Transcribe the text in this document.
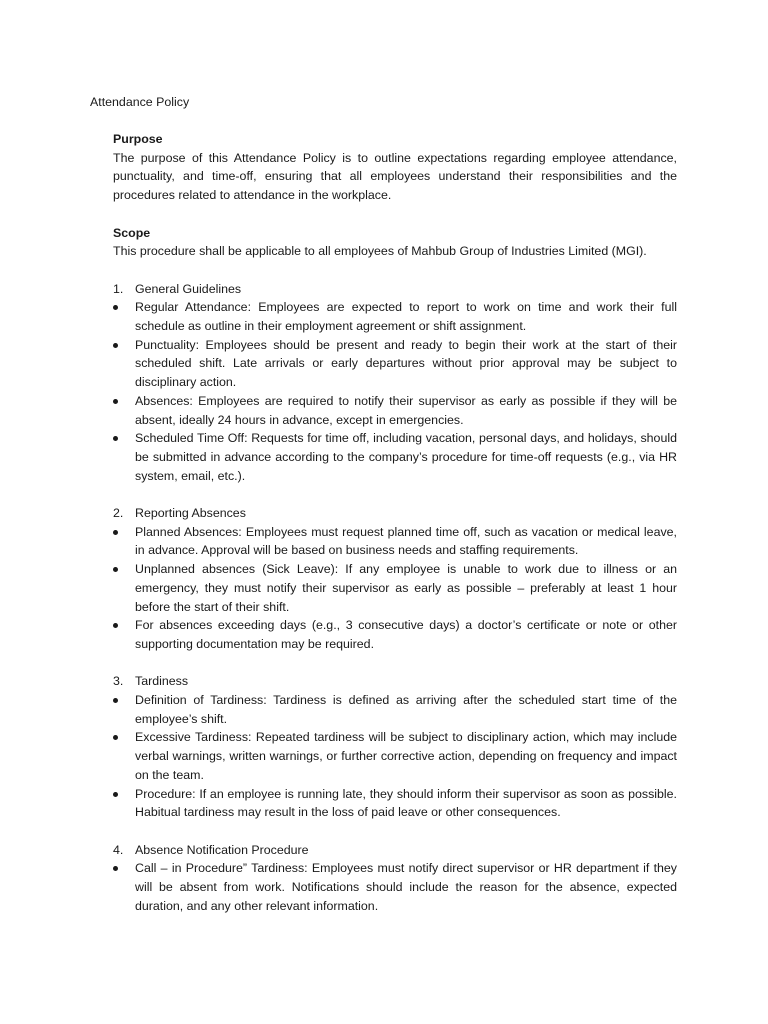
Attendance Policy

Purpose

The purpose of this Attendance Policy is to outline expectations regarding employee attendance, punctuality, and time-off, ensuring that all employees understand their responsibilities and the procedures related to attendance in the workplace.

Scope

This procedure shall be applicable to all employees of Mahbub Group of Industries Limited (MGI).

1. General Guidelines

Regular Attendance: Employees are expected to report to work on time and work their full schedule as outline in their employment agreement or shift assignment.
Punctuality: Employees should be present and ready to begin their work at the start of their scheduled shift. Late arrivals or early departures without prior approval may be subject to disciplinary action.
Absences: Employees are required to notify their supervisor as early as possible if they will be absent, ideally 24 hours in advance, except in emergencies.
Scheduled Time Off: Requests for time off, including vacation, personal days, and holidays, should be submitted in advance according to the company’s procedure for time-off requests (e.g., via HR system, email, etc.).

2. Reporting Absences

Planned Absences: Employees must request planned time off, such as vacation or medical leave, in advance. Approval will be based on business needs and staffing requirements.
Unplanned absences (Sick Leave): If any employee is unable to work due to illness or an emergency, they must notify their supervisor as early as possible – preferably at least 1 hour before the start of their shift.
For absences exceeding days (e.g., 3 consecutive days) a doctor’s certificate or note or other supporting documentation may be required.

3. Tardiness

Definition of Tardiness: Tardiness is defined as arriving after the scheduled start time of the employee’s shift.
Excessive Tardiness: Repeated tardiness will be subject to disciplinary action, which may include verbal warnings, written warnings, or further corrective action, depending on frequency and impact on the team.
Procedure: If an employee is running late, they should inform their supervisor as soon as possible. Habitual tardiness may result in the loss of paid leave or other consequences.

4. Absence Notification Procedure

Call – in Procedure” Tardiness: Employees must notify direct supervisor or HR department if they will be absent from work. Notifications should include the reason for the absence, expected duration, and any other relevant information.
